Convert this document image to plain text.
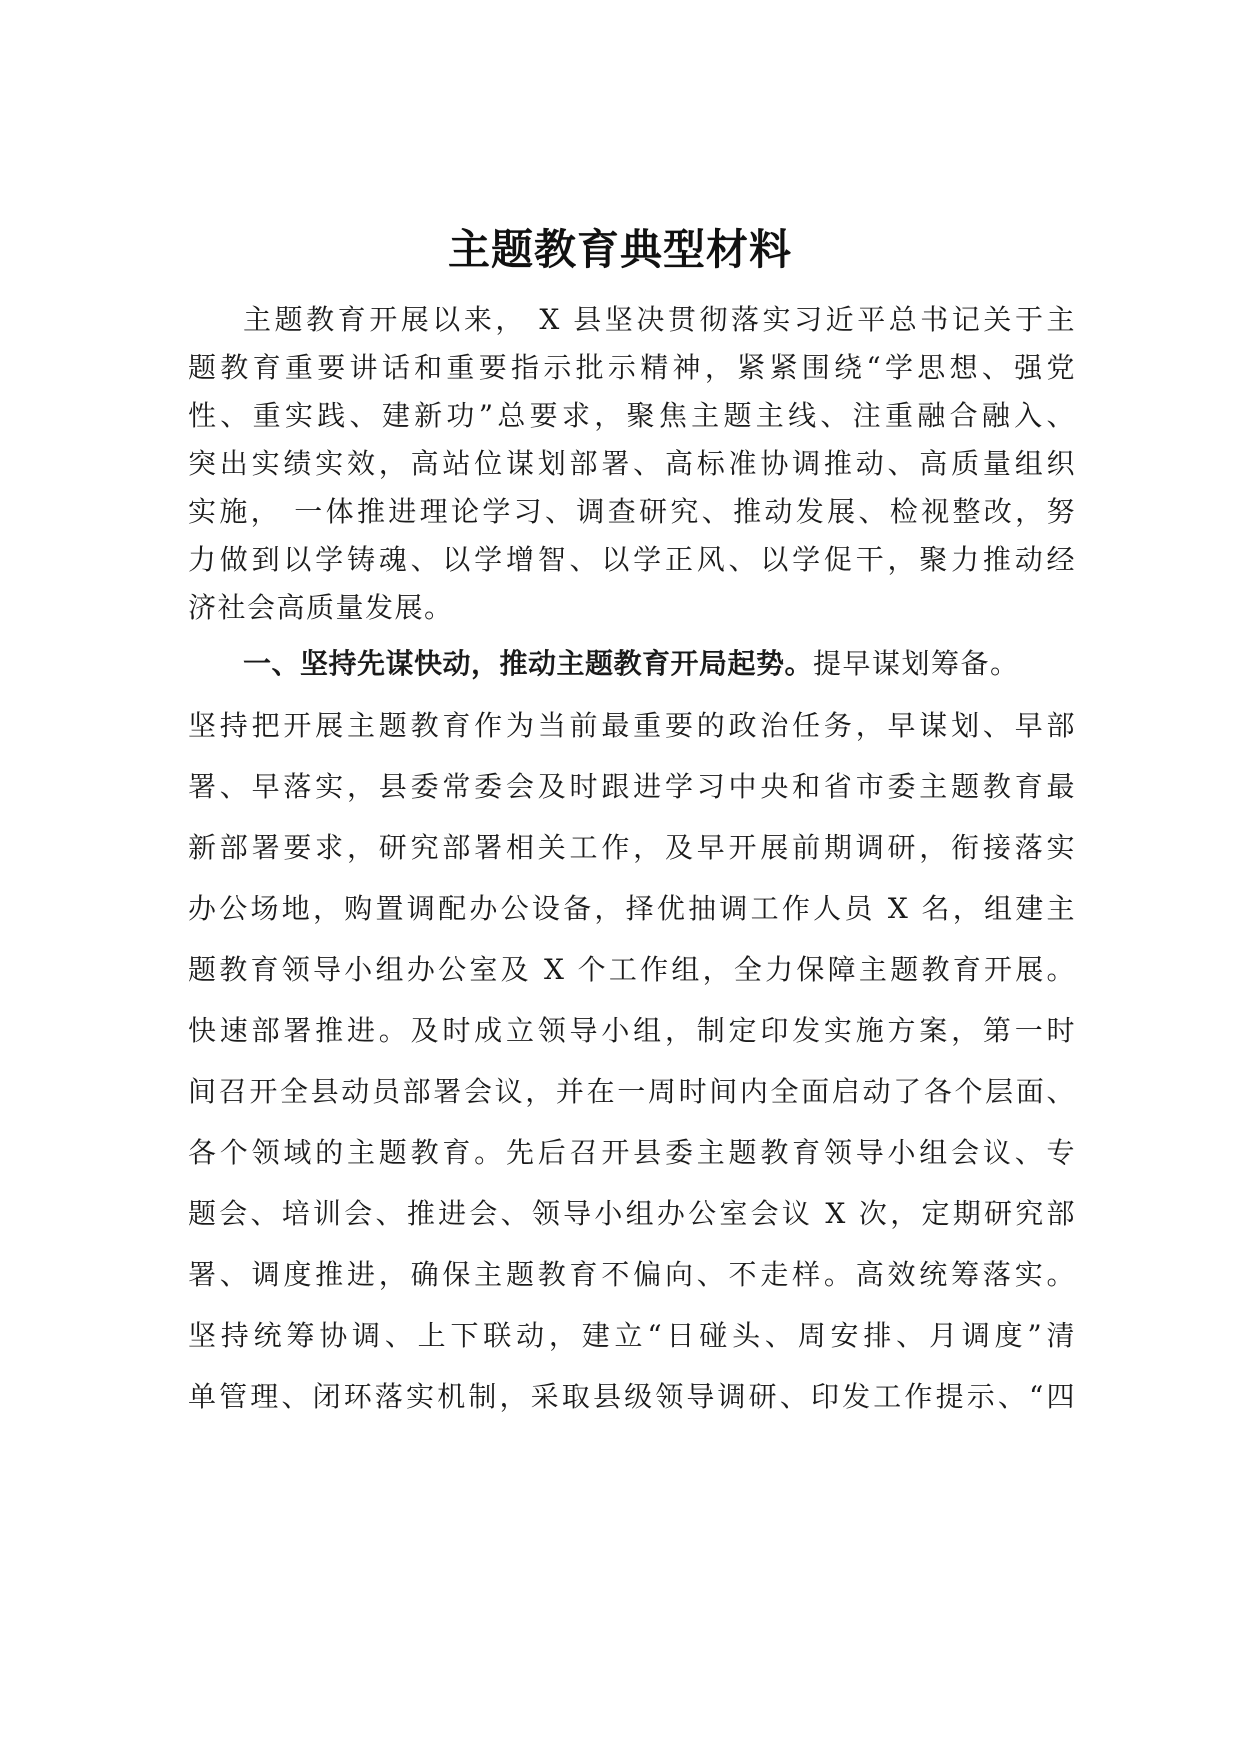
主题教育典型材料
主题教育开展以来， X 县坚决贯彻落实习近平总书记关于主
题教育重要讲话和重要指示批示精神，紧紧围绕“学思想、强党
性、重实践、建新功”总要求，聚焦主题主线、注重融合融入、
突出实绩实效，高站位谋划部署、高标准协调推动、高质量组织
实施， 一体推进理论学习、调查研究、推动发展、检视整改，努
力做到以学铸魂、以学增智、以学正风、以学促干，聚力推动经
济社会高质量发展。
一、坚持先谋快动，推动主题教育开局起势。提早谋划筹备。
坚持把开展主题教育作为当前最重要的政治任务，早谋划、早部
署、早落实，县委常委会及时跟进学习中央和省市委主题教育最
新部署要求，研究部署相关工作，及早开展前期调研，衔接落实
办公场地，购置调配办公设备，择优抽调工作人员 X 名，组建主
题教育领导小组办公室及 X 个工作组，全力保障主题教育开展。
快速部署推进。及时成立领导小组，制定印发实施方案，第一时
间召开全县动员部署会议，并在一周时间内全面启动了各个层面、
各个领域的主题教育。先后召开县委主题教育领导小组会议、专
题会、培训会、推进会、领导小组办公室会议 X 次，定期研究部
署、调度推进，确保主题教育不偏向、不走样。高效统筹落实。
坚持统筹协调、上下联动，建立“日碰头、周安排、月调度”清
单管理、闭环落实机制，采取县级领导调研、印发工作提示、“四
